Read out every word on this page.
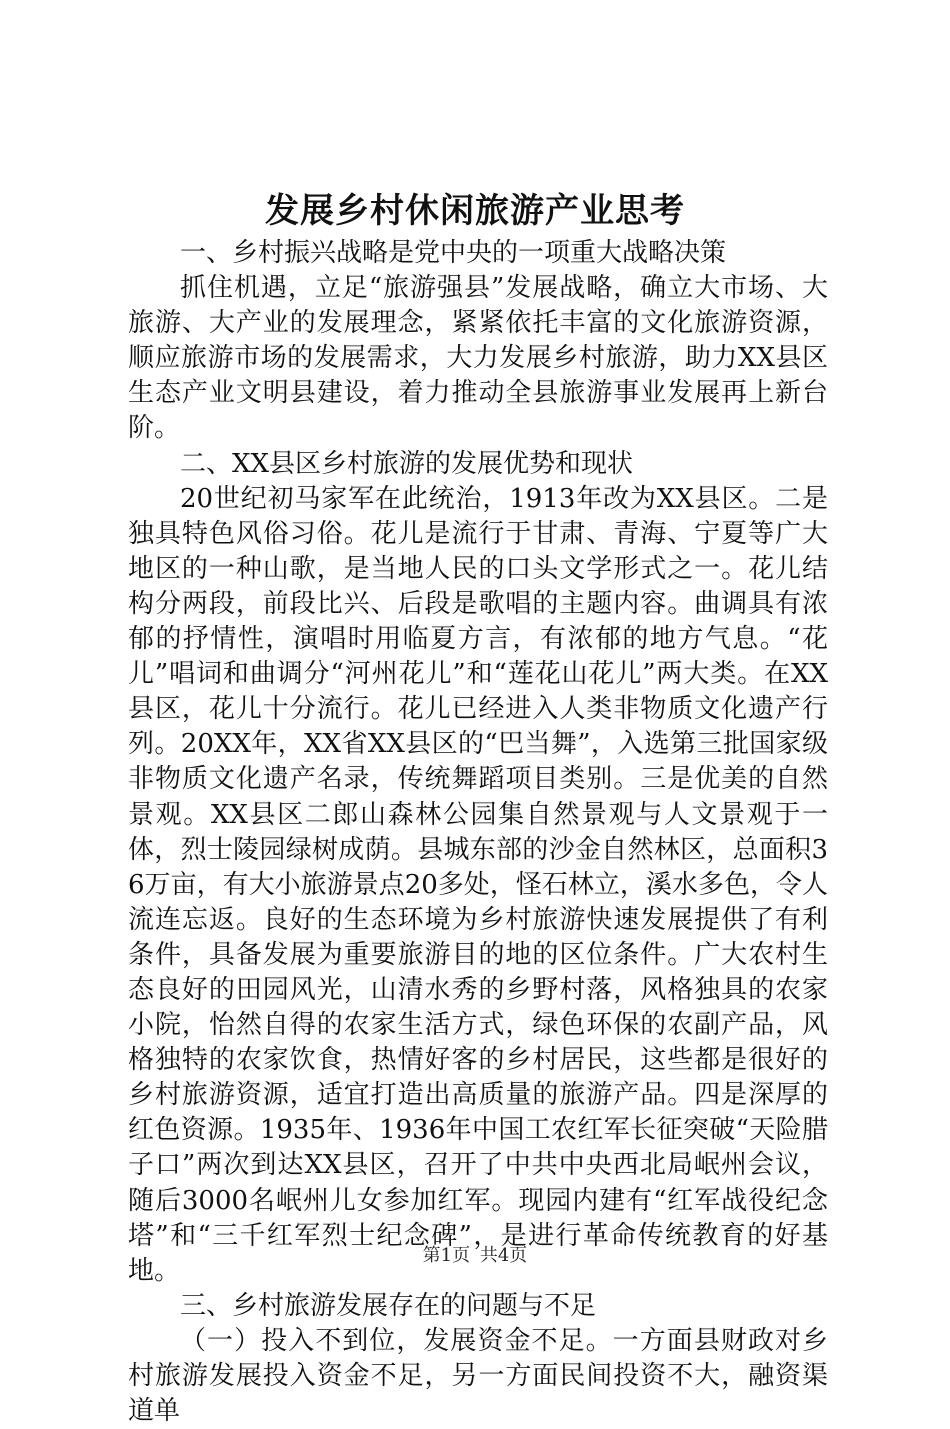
发展乡村休闲旅游产业思考

一、乡村振兴战略是党中央的一项重大战略决策

抓住机遇，立足“旅游强县”发展战略，确立大市场、大旅游、大产业的发展理念，紧紧依托丰富的文化旅游资源，顺应旅游市场的发展需求，大力发展乡村旅游，助力XX县区生态产业文明县建设，着力推动全县旅游事业发展再上新台阶。

二、XX县区乡村旅游的发展优势和现状

20世纪初马家军在此统治，1913年改为XX县区。二是独具特色风俗习俗。花儿是流行于甘肃、青海、宁夏等广大地区的一种山歌，是当地人民的口头文学形式之一。花儿结构分两段，前段比兴、后段是歌唱的主题内容。曲调具有浓郁的抒情性，演唱时用临夏方言，有浓郁的地方气息。“花儿”唱词和曲调分“河州花儿”和“莲花山花儿”两大类。在XX县区，花儿十分流行。花儿已经进入人类非物质文化遗产行列。20XX年，XX省XX县区的“巴当舞”，入选第三批国家级非物质文化遗产名录，传统舞蹈项目类别。三是优美的自然景观。XX县区二郎山森林公园集自然景观与人文景观于一体，烈士陵园绿树成荫。县城东部的沙金自然林区，总面积36万亩，有大小旅游景点20多处，怪石林立，溪水多色，令人流连忘返。良好的生态环境为乡村旅游快速发展提供了有利条件，具备发展为重要旅游目的地的区位条件。广大农村生态良好的田园风光，山清水秀的乡野村落，风格独具的农家小院，怡然自得的农家生活方式，绿色环保的农副产品，风格独特的农家饮食，热情好客的乡村居民，这些都是很好的乡村旅游资源，适宜打造出高质量的旅游产品。四是深厚的红色资源。1935年、1936年中国工农红军长征突破“天险腊子口”两次到达XX县区，召开了中共中央西北局岷州会议，随后3000名岷州儿女参加红军。现园内建有“红军战役纪念塔”和“三千红军烈士纪念碑”，是进行革命传统教育的好基地。

三、乡村旅游发展存在的问题与不足

（一）投入不到位，发展资金不足。一方面县财政对乡村旅游发展投入资金不足，另一方面民间投资不大，融资渠道单

第1页 共4页
